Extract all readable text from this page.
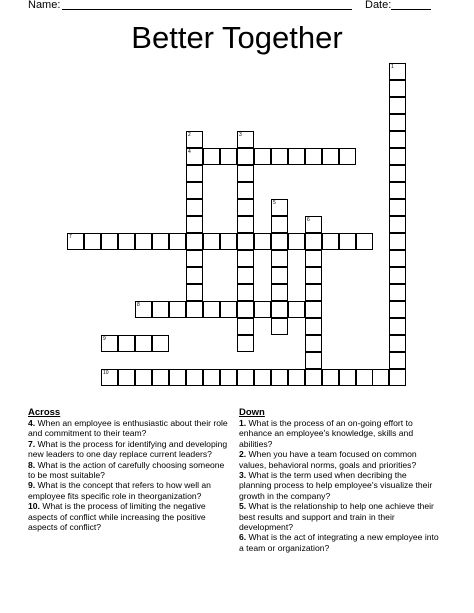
Name:	Date:
Better Together
1
2
4
3
5
6
7
8
9
10
Across

4. When an employee is enthusiastic about their role and commitment to their team?

7. What is the process for identifying and developing new leaders to one day replace current leaders?

8. What is the action of carefully choosing someone to be most suitable?

9. What is the concept that refers to how well an employee fits specific role in theorganization?

10. What is the process of limiting the negative aspects of conflict while increasing the positive aspects of conflict?

Down

1. What is the process of an on-going effort to enhance an employee's knowledge, skills and abilities?

2. When you have a team focused on common values, behavioral norms, goals and priorities?

3. What is the term used when decribing the planning process to help employee's visualize their growth in the company?

5. What is the relationship to help one achieve their best results and support and train in their development?

6. What is the act of integrating a new employee into a team or organization?
